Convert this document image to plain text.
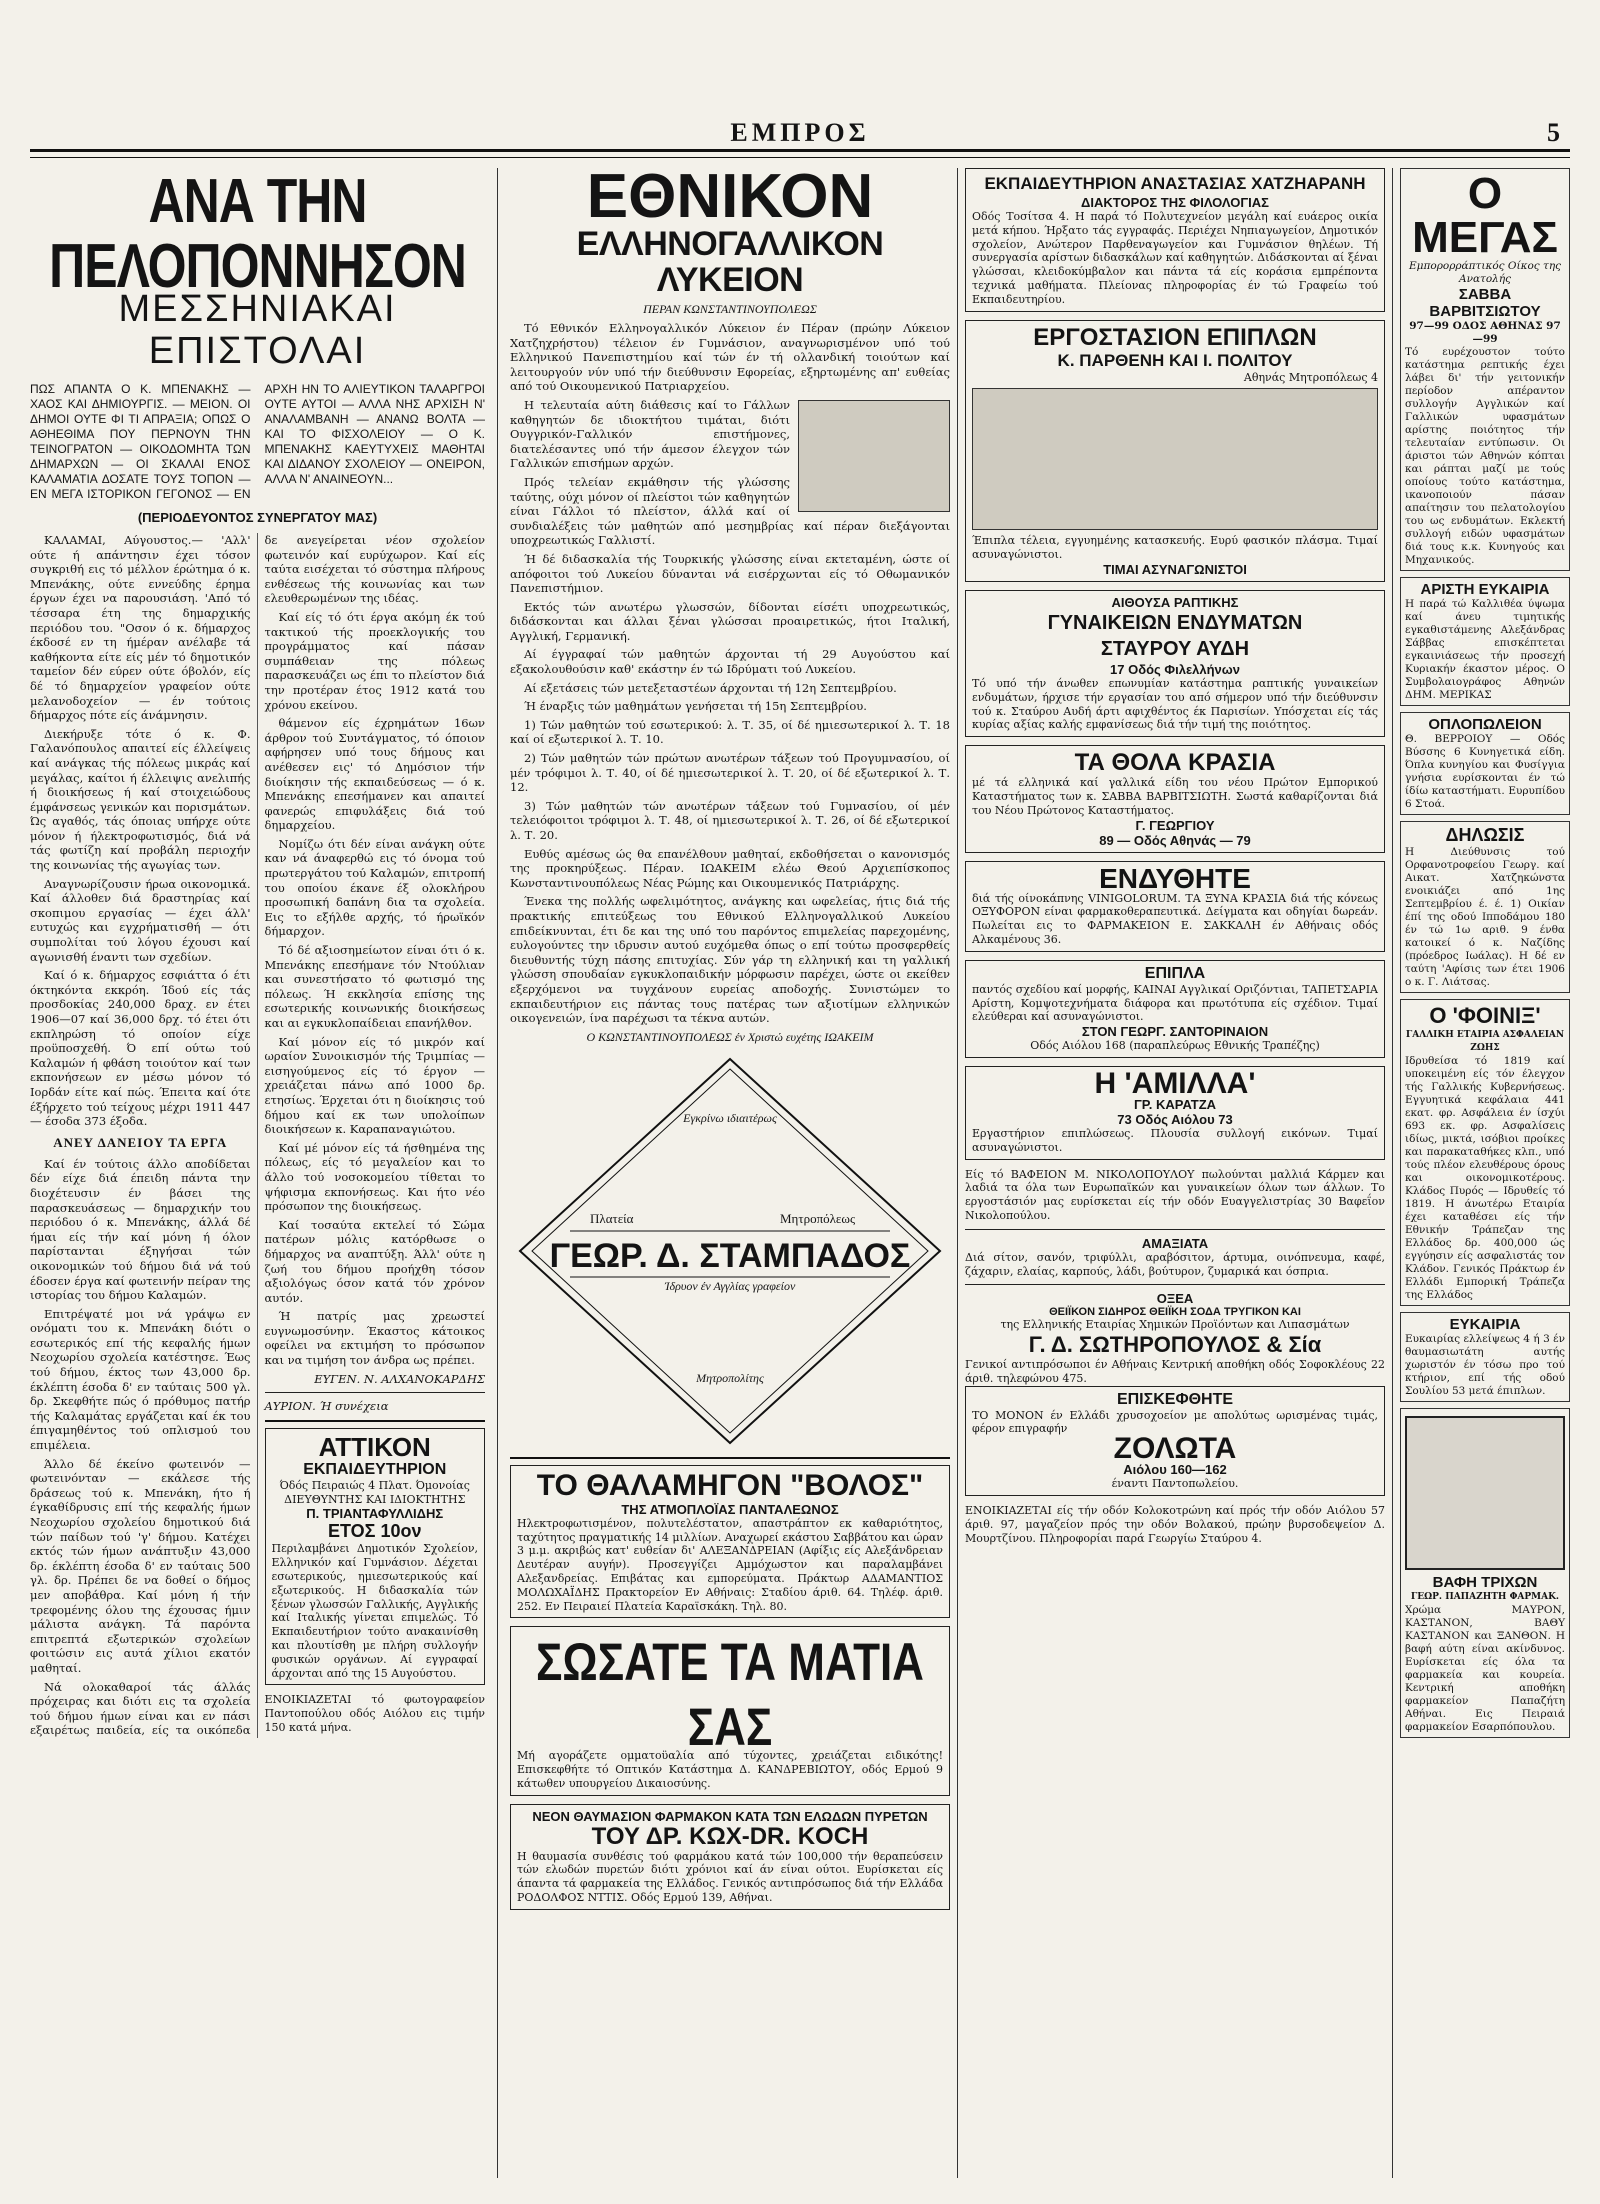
ΕΜΠΡΟΣ	5
ΑΝΑ ΤΗΝ ΠΕΛΟΠΟΝΝΗΣΟΝ
ΜΕΣΣΗΝΙΑΚΑΙ ΕΠΙΣΤΟΛΑΙ
ΠΩΣ ΑΠΑΝΤΑ Ο Κ. ΜΠΕΝΑΚΗΣ — ΧΑΟΣ ΚΑΙ ΔΗΜΙΟΥΡΓΙΣ. — ΜΕΙΟΝ. ΟΙ ΔΗΜΟΙ ΟΥΤΕ ΦΙ ΤΙ ΑΠΡΑΞΙΑ; ΟΠΩΣ Ο ΑΘΗΕΘΙΜΑ ΠΟΥ ΠΕΡΝΟΥΝ ΤΗΝ ΤΕΙΝΟΓΡΑΤΟΝ — ΟΙΚΟΔΟΜΗΤΑ ΤΩΝ ΔΗΜΑΡΧΩΝ — ΟΙ ΣΚΑΛΑΙ ΕΝΟΣ ΚΑΛΑΜΑΤΙΑ ΔΟΣΑΤΕ ΤΟΥΣ ΤΟΠΟΝ — ΕΝ ΜΕΓΑ ΙΣΤΟΡΙΚΟΝ ΓΕΓΟΝΟΣ — ΕΝ ΑΡΧΗ ΗΝ ΤΟ ΑΛΙΕΥΤΙΚΟΝ ΤΑΛΑΡΓΡΟΙ ΟΥΤΕ ΑΥΤΟΙ — ΑΛΛΑ ΝΗΣ ΑΡΧΙΣΗ Ν' ΑΝΑΛΑΜΒΑΝΗ — ΑΝΑΝΩ ΒΟΛΤΑ — ΚΑΙ ΤΟ ΦΙΣΧΟΛΕΙΟΥ — Ο Κ. ΜΠΕΝΑΚΗΣ ΚΑΕΥΤΥΧΕΙΣ ΜΑΘΗΤΑΙ ΚΑΙ ΔΙΔΑΝΟΥ ΣΧΟΛΕΙΟΥ — ΟΝΕΙΡΟΝ, ΑΛΛΑ Ν' ΑΝΑΙΝΕΟΥΝ...
(ΠΕΡΙΟΔΕΥΟΝΤΟΣ ΣΥΝΕΡΓΑΤΟΥ ΜΑΣ)

ΚΑΛΑΜΑΙ, Αύγουστος.— 'Αλλ' ούτε ή απάντησιν έχει τόσον συγκριθή εις τό μέλλον έρώτημα ό κ. Μπενάκης, ούτε εννεύδης έρημα έργων έχει να παρουσιάση. 'Από τό τέσσαρα έτη της δημαρχικής περιόδου του. "Οσον ό κ. δήμαρχος έκδοσέ εν τη ήμέραν ανέλαβε τά καθήκοντα είτε είς μέν τό δημοτικόν ταμείον δέν εύρεν ούτε όβολόν, είς δέ τό δημαρχείον γραφείον ούτε μελανοδοχείον — έν τούτοις δήμαρχος πότε είς άνάμνησιν.

Διεκήρυξε τότε ό κ. Φ. Γαλανόπουλος απαιτεί είς έλλείψεις καί ανάγκας τής πόλεως μικράς καί μεγάλας, καίτοι ή έλλειψις ανελιπής ή διοικήσεως ή καί στοιχειώδους έμφάνσεως γενικών και πορισμάτων. Ώς αγαθός, τάς όποιας υπήρχε ούτε μόνον ή ήλεκτροφωτισμός, διά νά τάς φωτίζη καί προβάλη περιοχήν της κοινωνίας τής αγωγίας των.

Αναγνωρίζουσιν ήρωα οικονομικά. Καί άλλοθεν διά δραστηρίας καί σκοπιμου εργασίας — έχει άλλ' ευτυχώς και εγχρήματισθή — ότι συμπολίται τού λόγου έχουσι καί αγωνισθή έναντι των σχεδίων.

Καί ό κ. δήμαρχος εσφιάττα ό έτι όκτηκόντα εκκρόη. Ίδού είς τάς προσδοκίας 240,000 δραχ. εν έτει 1906—07 καί 36,000 δρχ. τό έτει ότι εκπληρώση τό οποίον είχε προϋποσχεθή. Ό επί ούτω τού Καλαμών ή φθάση τοιούτον καί των εκπονήσεων εν μέσω μόνον τό Ιορδάν είτε καί πώς. Έπειτα καί ότε έξήρχετο τού τείχους μέχρι 1911 447 — έσοδα 373 έξοδα.

ΑΝΕΥ ΔΑΝΕΙΟΥ ΤΑ ΕΡΓΑ

Καί έν τούτοις άλλο αποδίδεται δέν είχε διά έπειδη πάντα την διοχέτευσιν έν βάσει της παρασκευάσεως — δημαρχικήν του περιόδου ό κ. Μπενάκης, άλλά δέ ήμαι είς τήν καί μόνη ή όλον παρίστανται έξηγήσαι τών οικονομικών τού δήμου διά νά τού έδοσεν έργα καί φωτεινήν πείραν της ιστορίας του δήμου Καλαμών.

Επιτρέψατέ μοι νά γράψω εν ονόματι του κ. Μπενάκη διότι ο εσωτερικός επί τής κεφαλής ήμων Νεοχωρίου σχολεία κατέστησε. Έως τού δήμου, έκτος των 43,000 δρ. έκλέπτη έσοδα δ' εν ταύταις 500 γλ. δρ. Σκεφθήτε πώς ό πρόθυμος πατήρ τής Καλαμάτας εργάζεται καί έκ του έπιγαμηθέντος τού οπλισμού του επιμέλεια.

Άλλο δέ έκείνο φωτεινόν — φωτεινόνταν — εκάλεσε τής δράσεως τού κ. Μπενάκη, ήτο ή έγκαθίδρυσις επί τής κεφαλής ήμων Νεοχωρίου σχολείου δημοτικού διά τών παίδων τού 'γ' δήμου. Κατέχει εκτός τών ήμων ανάπτυξιν 43,000 δρ. έκλέπτη έσοδα δ' εν ταύταις 500 γλ. δρ. Πρέπει δε να δοθεί ο δήμος μεν αποβάθρα. Καί μόνη ή τήν τρεφομένης όλου της έχουσας ήμιν μάλιστα ανάγκη. Τά παρόντα επιτρεπτά εξωτερικών σχολείων φοιτώσιν εις αυτά χίλιοι εκατόν μαθηταί.

Νά ολοκαθαροί τάς άλλάς πρόχειρας και διότι εις τα σχολεία τού δήμου ήμων είναι και εν πάσι εξαιρέτως παιδεία, είς τα οικόπεδα δε ανεγείρεται νέον σχολείον φωτεινόν καί ευρύχωρον. Καί είς ταύτα εισέχεται τό σύστημα πλήρους ενθέσεως τής κοινωνίας και των ελευθερωμένων της ιδέας.

Καί είς τό ότι έργα ακόμη έκ τού τακτικού τής προεκλογικής του προγράμματος καί πάσαν συμπάθειαν της πόλεως παρασκευάζει ως έπι το πλείστον διά την προτέραν έτος 1912 κατά του χρόνου εκείνου.

θάμενον είς έχρημάτων 16ων άρθρον τού Συντάγματος, τό όποιον αφήρησεν υπό τους δήμους και ανέθεσεν εις' τό Δημόσιον τήν διοίκησιν τής εκπαιδεύσεως — ό κ. Μπενάκης επεσήμανεν και απαιτεί φανερώς επιφυλάξεις διά τού δημαρχείου.

Νομίζω ότι δέν είναι ανάγκη ούτε καν νά άναφερθώ εις τό όνομα τού πρωτεργάτου τού Καλαμών, επιτροπή του οποίου έκανε έξ ολοκλήρου προσωπική δαπάνη δια τα σχολεία. Εις το εξήλθε αρχής, τό ήρωϊκόν δήμαρχον.

Τό δέ αξιοσημείωτον είναι ότι ό κ. Μπενάκης επεσήμανε τόν Ντούλιαν και συνεστήσατο τό φωτισμό της πόλεως. Ή εκκλησία επίσης της εσωτερικής κοινωνικής διοικήσεως και αι εγκυκλοπαίδειαι επανήλθον.

Καί μόνον είς τό μικρόν καί ωραίον Συνοικισμόν τής Τριμπίας — εισηγούμενος είς τό έργον — χρειάζεται πάνω από 1000 δρ. ετησίως. Έρχεται ότι η διοίκησις τού δήμου καί εκ των υπολοίπων διοικήσεων κ. Καραπαναγιώτου.

Καί μέ μόνον είς τά ήσθημένα της πόλεως, είς τό μεγαλείον και το άλλο τού νοσοκομείου τίθεται το ψήφισμα εκπονήσεως. Και ήτο νέο πρόσωπον της διοικήσεως.

Καί τοσαύτα εκτελεί τό Σώμα πατέρων μόλις κατόρθωσε ο δήμαρχος να αναπτύξη. Άλλ' ούτε η ζωή του δήμου προήχθη τόσον αξιολόγως όσον κατά τόν χρόνον αυτόν.

Ή πατρίς μας χρεωστεί ευγνωμοσύνην. Έκαστος κάτοικος οφείλει να εκτιμήση το πρόσωπον και να τιμήση τον άνδρα ως πρέπει.

ΕΥΓΕΝ. Ν. ΑΛΧΑΝΟΚΑΡΔΗΣ
ΑΥΡΙΟΝ. Ή συνέχεια
ΑΤΤΙΚΟΝ
ΕΚΠΑΙΔΕΥΤΗΡΙΟΝ
Όδός Πειραιώς 4 Πλατ. Όμονοίας
ΔΙΕΥΘΥΝΤΗΣ ΚΑΙ ΙΔΙΟΚΤΗΤΗΣ
Π. ΤΡΙΑΝΤΑΦΥΛΛΙΔΗΣ
ΕΤΟΣ 10ον
Περιλαμβάνει Δημοτικόν Σχολείον, Ελληνικόν καί Γυμνάσιον. Δέχεται εσωτερικούς, ημιεσωτερικούς καί εξωτερικούς. Η διδασκαλία τών ξένων γλωσσών Γαλλικής, Αγγλικής καί Ιταλικής γίνεται επιμελώς. Τό Εκπαιδευτήριον τούτο ανακαινίσθη και πλουτίσθη με πλήρη συλλογήν φυσικών οργάνων. Αί εγγραφαί άρχονται από της 15 Αυγούστου.
ΕΝΟΙΚΙΑΖΕΤΑΙ τό φωτογραφείον Παντοπούλου οδός Αιόλου εις τιμήν 150 κατά μήνα.
ΕΘΝΙΚΟΝ
ΕΛΛΗΝΟΓΑΛΛΙΚΟΝ ΛΥΚΕΙΟΝ
ΠΕΡΑΝ ΚΩΝΣΤΑΝΤΙΝΟΥΠΟΛΕΩΣ

Τό Εθνικόν Ελληνογαλλικόν Λύκειον έν Πέραν (πρώην Λύκειον Χατζηχρήστου) τέλειον έν Γυμνάσιον, αναγνωρισμένον υπό τού Ελληνικού Πανεπιστημίου καί τών έν τή ολλανδική τοιούτων καί λειτουργούν νύν υπό τήν διεύθυνσιν Εφορείας, εξηρτωμένης απ' ευθείας από τού Οικουμενικού Πατριαρχείου.

Η τελευταία αύτη διάθεσις καί το Γάλλων καθηγητών δε ιδιοκτήτου τιμάται, διότι Ουγγρικόν-Γαλλικόν επιστήμονες, διατελέσαντες υπό τήν άμεσον έλεγχον τών Γαλλικών επισήμων αρχών.

Πρός τελείαν εκμάθησιν τής γλώσσης ταύτης, ούχι μόνον οί πλείστοι τών καθηγητών είναι Γάλλοι τό πλείστον, άλλά καί οί συνδιαλέξεις τών μαθητών από μεσημβρίας καί πέραν διεξάγονται υποχρεωτικώς Γαλλιστί.

Ή δέ διδασκαλία τής Τουρκικής γλώσσης είναι εκτεταμένη, ώστε οί απόφοιτοι τού Λυκείου δύνανται νά εισέρχωνται είς τό Οθωμανικόν Πανεπιστήμιον.

Εκτός τών ανωτέρω γλωσσών, δίδονται είσέτι υποχρεωτικώς, διδάσκονται και άλλαι ξέναι γλώσσαι προαιρετικώς, ήτοι Ιταλική, Αγγλική, Γερμανική.

Αί έγγραφαί τών μαθητών άρχονται τή 29 Αυγούστου καί εξακολουθούσιν καθ' εκάστην έν τώ Ιδρύματι τού Λυκείου.

Αί εξετάσεις τών μετεξεταστέων άρχονται τή 12η Σεπτεμβρίου.

Ή έναρξις τών μαθημάτων γενήσεται τή 15η Σεπτεμβρίου.

1) Τών μαθητών τού εσωτερικού: λ. Τ. 35, οί δέ ημιεσωτερικοί λ. Τ. 18 καί οί εξωτερικοί λ. Τ. 10.

2) Τών μαθητών τών πρώτων ανωτέρων τάξεων τού Προγυμνασίου, οί μέν τρόφιμοι λ. Τ. 40, οί δέ ημιεσωτερικοί λ. Τ. 20, οί δέ εξωτερικοί λ. Τ. 12.

3) Τών μαθητών τών ανωτέρων τάξεων τού Γυμνασίου, οί μέν τελειόφοιτοι τρόφιμοι λ. Τ. 48, οί ημιεσωτερικοί λ. Τ. 26, οί δέ εξωτερικοί λ. Τ. 20.

Ευθύς αμέσως ώς θα επανέλθουν μαθηταί, εκδοθήσεται ο κανονισμός της προκηρύξεως. Πέραν. ΙΩΑΚΕΙΜ ελέω Θεού Αρχιεπίσκοπος Κωνσταντινουπόλεως Νέας Ρώμης και Οικουμενικός Πατριάρχης.

Ένεκα της πολλής ωφελιμότητος, ανάγκης και ωφελείας, ήτις διά τής πρακτικής επιτεύξεως του Εθνικού Ελληνογαλλικού Λυκείου επιδείκνυνται, έτι δε και της υπό του παρόντος επιμελείας παρεχομένης, ευλογούντες την ιδρυσιν αυτού ευχόμεθα όπως ο επί τούτω προσφερθείς διευθυντής τύχη πάσης επιτυχίας. Σύν γάρ τη ελληνική και τη γαλλική γλώσση σπουδαίαν εγκυκλοπαιδικήν μόρφωσιν παρέχει, ώστε οι εκείθεν εξερχόμενοι να τυγχάνουν ευρείας αποδοχής. Συνιστώμεν το εκπαιδευτήριον εις πάντας τους πατέρας των αξιοτίμων ελληνικών οικογενειών, ίνα παρέχωσι τα τέκνα αυτών.

Ο ΚΩΝΣΤΑΝΤΙΝΟΥΠΟΛΕΩΣ έν Χριστώ ευχέτης ΙΩΑΚΕΙΜ
Πλατεία	Μητροπόλεως
ΓΕΩΡ. Δ. ΣΤΑΜΠΑΔΟΣ
Ίδρυον έν Αγγλίας γραφείον
Εγκρίνω ιδιαιτέρως
Μητροπολίτης
ΤΟ ΘΑΛΑΜΗΓΟΝ "ΒΟΛΟΣ"
ΤΗΣ ΑΤΜΟΠΛΟΪΑΣ ΠΑΝΤΑΛΕΩΝΟΣ
Ηλεκτροφωτισμένον, πολυτελέστατον, απαστράπτον εκ καθαριότητος, ταχύτητος πραγματικής 14 μιλλίων. Αναχωρεί εκάστου Σαββάτου και ώραν 3 μ.μ. ακριβώς κατ' ευθείαν δι' ΑΛΕΞΑΝΔΡΕΙΑΝ (Αφίξις είς Αλεξάνδρειαν Δευτέραν αυγήν). Προσεγγίζει Αμμόχωστον και παραλαμβάνει Αλεξανδρείας. Επιβάτας και εμπορεύματα. Πράκτωρ ΑΔΑΜΑΝΤΙΟΣ ΜΟΛΩΧΑΪΔΗΣ Πρακτορείον Εν Αθήναις: Σταδίου άριθ. 64. Τηλέφ. άριθ. 252. Εν Πειραιεί Πλατεία Καραϊσκάκη. Τηλ. 80.
ΣΩΣΑΤΕ ΤΑ ΜΑΤΙΑ ΣΑΣ
Μή αγοράζετε ομματοϋαλία από τύχοντες, χρειάζεται ειδικότης! Επισκεφθήτε τό Οπτικόν Κατάστημα Δ. ΚΑΝΔΡΕΒΙΩΤΟΥ, οδός Ερμού 9 κάτωθεν υπουργείου Δικαιοσύνης.
ΝΕΟΝ ΘΑΥΜΑΣΙΟΝ ΦΑΡΜΑΚΟΝ ΚΑΤΑ ΤΩΝ ΕΛΩΔΩΝ ΠΥΡΕΤΩΝ
ΤΟΥ ΔΡ. ΚΩΧ-DR. KOCH
Η θαυμασία συνθέσις τού φαρμάκου κατά τών 100,000 τήν θεραπεύσειν τών ελωδών πυρετών διότι χρόνιοι καί άν είναι ούτοι. Ευρίσκεται είς άπαντα τά φαρμακεία της Ελλάδος. Γενικός αντιπρόσωπος διά τήν Ελλάδα ΡΟΔΟΛΦΟΣ ΝΤΤΙΣ. Οδός Ερμού 139, Αθήναι.
ΕΚΠΑΙΔΕΥΤΗΡΙΟΝ ΑΝΑΣΤΑΣΙΑΣ ΧΑΤΖΗΑΡΑΝΗ
ΔΙΑΚΤΟΡΟΣ ΤΗΣ ΦΙΛΟΛΟΓΙΑΣ
Οδός Τοσίτσα 4. Η παρά τό Πολυτεχνείον μεγάλη καί ευάερος οικία μετά κήπου. Ήρξατο τάς εγγραφάς. Περιέχει Νηπιαγωγείον, Δημοτικόν σχολείον, Ανώτερον Παρθεναγωγείον και Γυμνάσιον θηλέων. Τή συνεργασία αρίστων διδασκάλων καί καθηγητών. Διδάσκονται αί ξέναι γλώσσαι, κλειδοκύμβαλον και πάντα τά είς κοράσια εμπρέποντα τεχνικά μαθήματα. Πλείονας πληροφορίας έν τώ Γραφείω τού Εκπαιδευτηρίου.
ΕΡΓΟΣΤΑΣΙΟΝ ΕΠΙΠΛΩΝ
Κ. ΠΑΡΘΕΝΗ ΚΑΙ Ι. ΠΟΛΙΤΟΥ
Αθηνάς Μητροπόλεως 4
Έπιπλα τέλεια, εγγυημένης κατασκευής. Ευρύ φασικόν πλάσμα. Τιμαί ασυναγώνιστοι.
ΤΙΜΑΙ ΑΣΥΝΑΓΩΝΙΣΤΟΙ
ΑΙΘΟΥΣΑ ΡΑΠΤΙΚΗΣ
ΓΥΝΑΙΚΕΙΩΝ ΕΝΔΥΜΑΤΩΝ
ΣΤΑΥΡΟΥ ΑΥΔΗ
17 Οδός Φιλελλήνων
Τό υπό τήν άνωθεν επωνυμίαν κατάστημα ραπτικής γυναικείων ενδυμάτων, ήρχισε τήν εργασίαν του από σήμερον υπό τήν διεύθυνσιν τού κ. Σταύρου Αυδή άρτι αφιχθέντος έκ Παρισίων. Υπόσχεται είς τάς κυρίας αξίας καλής εμφανίσεως διά τήν τιμή της ποιότητος.
ΤΑ ΘΟΛΑ ΚΡΑΣΙΑ
μέ τά ελληνικά καί γαλλικά είδη του νέου Πρώτον Εμπορικού Καταστήματος των κ. ΣΑΒΒΑ ΒΑΡΒΙΤΣΙΩΤΗ. Σωστά καθαρίζονται διά του Νέου Πρώτονος Καταστήματος.
Γ. ΓΕΩΡΓΙΟΥ
89 — Οδός Αθηνάς — 79
ΕΝΔΥΘΗΤΕ
διά τής οίνοκάπνης VINIGOLORUM. ΤΑ ΞΥΝΑ ΚΡΑΣΙΑ διά τής κόνεως ΟΞΥΦΟΡΟΝ είναι φαρμακοθεραπευτικά. Δείγματα και οδηγίαι δωρεάν. Πωλείται εις το ΦΑΡΜΑΚΕΙΟΝ Ε. ΣΑΚΚΑΛΗ έν Αθήναις οδός Αλκαμένους 36.
ΕΠΙΠΛΑ
παντός σχεδίου καί μορφής, ΚΑΙΝΑΙ Αγγλικαί Οριζόντιαι, ΤΑΠΕΤΣΑΡΙΑ Αρίστη, Κομψοτεχνήματα διάφορα και πρωτότυπα είς σχέδιον. Τιμαί ελεύθεραι καί ασυναγώνιστοι.
ΣΤΟΝ ΓΕΩΡΓ. ΣΑΝΤΟΡΙΝΑΙΟΝ
Οδός Αιόλου 168 (παραπλεύρως Εθνικής Τραπέζης)
Η 'ΑΜΙΛΛΑ'
ΓΡ. ΚΑΡΑΤΖΑ
73 Οδός Αιόλου 73
Εργαστήριον επιπλώσεως. Πλουσία συλλογή εικόνων. Τιμαί ασυναγώνιστοι.
Είς τό ΒΑΦΕΙΟΝ Μ. ΝΙΚΟΛΟΠΟΥΛΟΥ πωλούνται μαλλιά Κάρμεν και λαδιά τα όλα των Ευρωπαϊκών και γυναικείων όλων των άλλων. Το εργοστάσιόν μας ευρίσκεται είς τήν οδόν Ευαγγελιστρίας 30 Βαφεΐον Νικολοπούλου.
ΑΜΑΞΙΑΤΑ
Διά σίτον, σανόν, τριφύλλι, αραβόσιτον, άρτυμα, οινόπνευμα, καφέ, ζάχαριν, ελαίας, καρπούς, λάδι, βούτυρον, ζυμαρικά και όσπρια.
ΟΞΕΑ
ΘΕΙΪΚΟΝ ΣΙΔΗΡΟΣ ΘΕΙΪΚΗ ΣΟΔΑ ΤΡΥΓΙΚΟΝ ΚΑΙ
της Ελληνικής Εταιρίας Χημικών Προϊόντων και Λιπασμάτων
Γ. Δ. ΣΩΤΗΡΟΠΟΥΛΟΣ & Σία
Γενικοί αντιπρόσωποι έν Αθήναις Κεντρική αποθήκη οδός Σοφοκλέους 22 άριθ. τηλεφώνου 475.
ΕΠΙΣΚΕΦΘΗΤΕ
ΤΟ ΜΟΝΟΝ έν Ελλάδι χρυσοχοείον με απολύτως ωρισμένας τιμάς, φέρον επιγραφήν
ΖΟΛΩΤΑ
Αιόλου 160—162
έναντι Παντοπωλείου.
ΕΝΟΙΚΙΑΖΕΤΑΙ είς τήν οδόν Κολοκοτρώνη καί πρός τήν οδόν Αιόλου 57 άριθ. 97, μαγαζείον πρός την οδόν Βολακού, πρώην βυρσοδεψείον Δ. Μουρτζίνου. Πληροφορίαι παρά Γεωργίω Σταύρου 4.
Ο ΜΕΓΑΣ
Εμπορορράπτικός Οίκος της Ανατολής
ΣΑΒΒΑ ΒΑΡΒΙΤΣΙΩΤΟΥ
97—99 ΟΔΟΣ ΑΘΗΝΑΣ 97—99
Τό ευρέχουστον τούτο κατάστημα ρεπτικής έχει λάβει δι' τήν γειτονικήν περίοδον απέραντον συλλογήν Αγγλικών καί Γαλλικών υφασμάτων αρίστης ποιότητος τήν τελευταίαν εντύπωσιν. Οι άριστοι τών Αθηνών κόπται και ράπται μαζί με τούς οποίους τούτο κατάστημα, ικανοποιούν πάσαν απαίτησιν του πελατολογίου του ως ενδυμάτων. Εκλεκτή συλλογή ειδών υφασμάτων διά τους κ.κ. Κυνηγούς και Μηχανικούς.
ΑΡΙΣΤΗ ΕΥΚΑΙΡΙΑ
Η παρά τώ Καλλιθέα ύψωμα καί άνευ τιμητικής εγκαθιστάμενης Αλεξάνδρας Σάββας επισκέπτεται εγκαινιάσεως τήν προσεχή Κυριακήν έκαστον μέρος. Ο Συμβολαιογράφος Αθηνών ΔΗΜ. ΜΕΡΙΚΑΣ
ΟΠΛΟΠΩΛΕΙΟΝ
Θ. ΒΕΡΡΟΙΟΥ — Οδός Βύσσης 6 Κυνηγετικά είδη. Όπλα κυνηγίου και Φυσίγγια γνήσια ευρίσκονται έν τώ ίδίω καταστήματι. Ευρυπίδου 6 Στοά.
ΔΗΛΩΣΙΣ
Η Διεύθυνσις τού Ορφανοτροφείου Γεωργ. καί Αικατ. Χατζηκώνστα ενοικιάζει από 1ης Σεπτεμβρίου έ. έ. 1) Οικίαν έπί της οδού Ιπποδάμου 180 έν τώ 1ω αριθ. 9 ένθα κατοικεί ό κ. Ναζίδης (πρόεδρος Ιωάλας). Η δέ εν ταύτη 'Αφίσις των έτει 1906 ο κ. Γ. Λιάτσας.
Ο 'ΦΟΙΝΙΞ'
ΓΑΛΛΙΚΗ ΕΤΑΙΡΙΑ ΑΣΦΑΛΕΙΑΝ ΖΩΗΣ
Ιδρυθείσα τό 1819 καί υποκειμένη είς τόν έλεγχον τής Γαλλικής Κυβερνήσεως. Εγγυητικά κεφάλαια 441 εκατ. φρ. Ασφάλεια έν ίσχύι 693 εκ. φρ. Ασφαλίσεις ιδίως, μικτά, ισόβιοι προίκες και παρακαταθήκες κλπ., υπό τούς πλέον ελευθέρους όρους και οικονομικοτέρους. Κλάδος Πυρός — Ιδρυθείς τό 1819. Η άνωτέρω Εταιρία έχει καταθέσει είς τήν Εθνικήν Τράπεζαν της Ελλάδος δρ. 400,000 ώς εγγύησιν είς ασφαλιστάς τον Κλάδον. Γενικός Πράκτωρ έν Ελλάδι Εμπορική Τράπεζα της Ελλάδος
ΕΥΚΑΙΡΙΑ
Ευκαιρίας ελλείψεως 4 ή 3 έν θαυμασιωτάτη αυτής χωριστόν έν τόσω προ τού κτήριον, επί τής οδού Σουλίου 53 μετά έπιπλων.
ΒΑΦΗ ΤΡΙΧΩΝ
ΓΕΩΡ. ΠΑΠΑΖΗΤΗ ΦΑΡΜΑΚ.
Χρώμα ΜΑΥΡΟΝ, ΚΑΣΤΑΝΟΝ, ΒΑΘΥ ΚΑΣΤΑΝΟΝ και ΞΑΝΘΟΝ. Η βαφή αύτη είναι ακίνδυνος. Ευρίσκεται είς όλα τα φαρμακεία και κουρεία. Κεντρική αποθήκη φαρμακείον Παπαζήτη Αθήναι. Εις Πειραιά φαρμακείον Εσαρπόπουλου.
